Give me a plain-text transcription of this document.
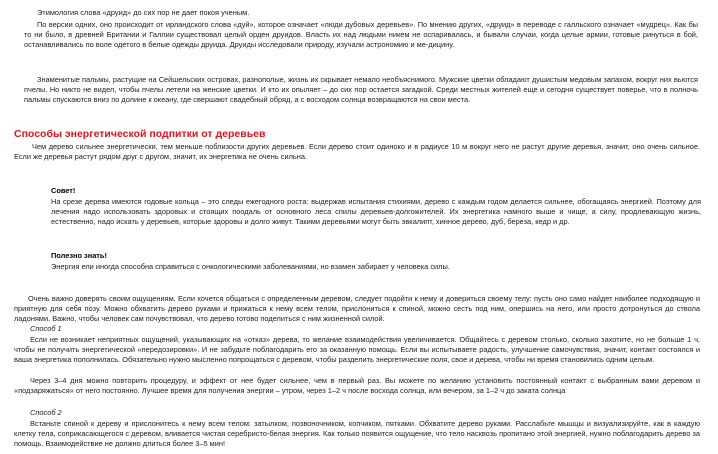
Этимология слова «друид» до сих пор не дает покоя ученым.

По версии одних, оно происходит от ирландского слова «дуй», которое означает «люди дубовых деревьев». По мнению других, «друид» в переводе с галльского означает «мудрец». Как бы то ни было, в древней Британии и Галлии существовал целый орден друидов. Власть их над людьми никем не оспаривалась, и бывали случаи, когда целые армии, готовые ринуться в бой, останавливались по воле одетого в белые одежды друида. Друиды исследовали природу, изучали астрономию и ме-дицину.

Знаменитые пальмы, растущие на Сейшельских островах, разнополые, жизнь их скрывает немало необъяснимого. Мужские цветки обладают душистым медовым запахом, вокруг них вьются пчелы. Но никто не видел, чтобы пчелы летели на женские цветки. И кто их опыляет – до сих пор остается загадкой. Среди местных жителей еще и сегодня существует поверье, что в полночь пальмы спускаются вниз по долине к океану, где свершают свадебный обряд, а с восходом солнца возвращаются на свои места.

Способы энергетической подпитки от деревьев

Чем дерево сильнее энергетически, тем меньше поблизости других деревьев. Если дерево стоит одиноко и в радиусе 10 м вокруг него не растут другие деревья, значит, оно очень сильное. Если же деревья растут рядом друг с другом, значит, их энергетика не очень сильна.

Совет!

На срезе дерева имеются годовые кольца – это следы ежегодного роста: выдержав испытания стихиями, дерево с каждым годом делается сильнее, обогащаясь энергией. Поэтому для лечения надо использовать здоровых и стоящих поодаль от основного леса спилы деревьев-долгожителей. Их энергетика намного выше и чище, а силу, продлевающую жизнь, естественно, надо искать у деревьев, которые здоровы и долго живут. Такими деревьями могут быть эвкалипт, хинное дерево, дуб, береза, кедр и др.

Полезно знать!

Энергия ели иногда способна справиться с онкологическими заболеваниями, но взамен забирает у человека силы.

Очень важно доверять своим ощущениям. Если хочется общаться с определенным деревом, следует подойти к нему и довериться своему телу: пусть оно само найдет наиболее подходящую и приятную для себя позу. Можно обхватить дерево руками и прижаться к нему всем телом, прислониться к спиной, можно сесть под ним, опершись на него, или просто дотронуться до ствола ладонями. Важно, чтобы человек сам почувствовал, что дерево готово поделиться с ним жизненной силой.

Способ 1

Если не возникает неприятных ощущений, указывающих на «отказ» дерева, то желание взаимодействия увеличивается. Общайтесь с деревом столько, сколько захотите, но не больше 1 ч, чтобы не получить энергетической «передозировки». И не забудьте поблагодарить его за оказанную помощь. Если вы испытываете радость, улучшение самочувствия, значит, контакт состоялся и ваша энергетика пополнилась. Обязательно нужно мысленно попрощаться с деревом, чтобы разделить энергетические поля, свое и дерева, чтобы ни время становились одним целым.

Через 3–4 дня можно повторить процедуру, и эффект от нее будет сильнее, чем в первый раз. Вы можете по желанию установить постоянный контакт с выбранным вами деревом и «подзаряжаться» от него постоянно. Лучшее время для получения энергии – утром, через 1–2 ч после восхода солнца, или вечером, за 1–2 ч до заката солнца

Способ 2

Встаньте спиной к дереву и прислонитесь к нему всем телом: затылком, позвоночником, копчиком, пятками. Обхватите дерево руками. Расслабьте мышцы и визуализируйте, как в каждую клетку тела, соприкасающегося с деревом, вливается чистая серебристо-белая энергия. Как только появится ощущение, что тело насквозь пропитано этой энергией, нужно поблагодарить дерево за помощь. Взаимодействие не должно длиться более 3–5 мин!
